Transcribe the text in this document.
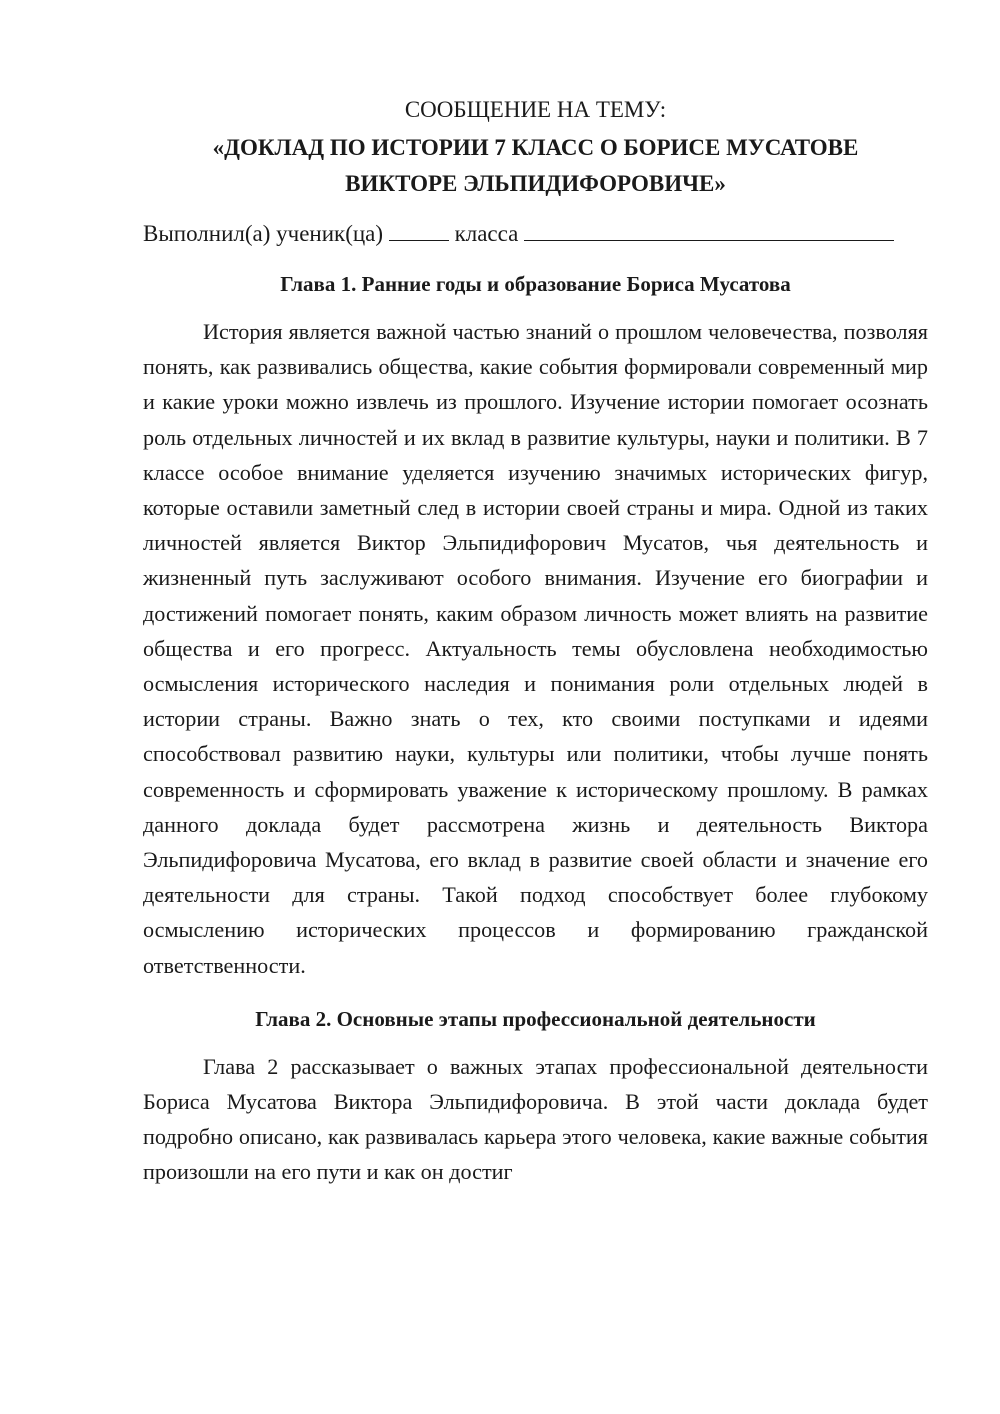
СООБЩЕНИЕ НА ТЕМУ:

«ДОКЛАД ПО ИСТОРИИ 7 КЛАСС О БОРИСЕ МУСАТОВЕ
ВИКТОРЕ ЭЛЬПИДИФОРОВИЧЕ»

Выполнил(а) ученик(ца)	класса

Глава 1. Ранние годы и образование Бориса Мусатова

История является важной частью знаний о прошлом человечества, позволяя понять, как развивались общества, какие события формировали современный мир и какие уроки можно извлечь из прошлого. Изучение истории помогает осознать роль отдельных личностей и их вклад в развитие культуры, науки и политики. В 7 классе особое внимание уделяется изучению значимых исторических фигур, которые оставили заметный след в истории своей страны и мира. Одной из таких личностей является Виктор Эльпидифорович Мусатов, чья деятельность и жизненный путь заслуживают особого внимания. Изучение его биографии и достижений помогает понять, каким образом личность может влиять на развитие общества и его прогресс. Актуальность темы обусловлена необходимостью осмысления исторического наследия и понимания роли отдельных людей в истории страны. Важно знать о тех, кто своими поступками и идеями способствовал развитию науки, культуры или политики, чтобы лучше понять современность и сформировать уважение к историческому прошлому. В рамках данного доклада будет рассмотрена жизнь и деятельность Виктора Эльпидифоровича Мусатова, его вклад в развитие своей области и значение его деятельности для страны. Такой подход способствует более глубокому осмыслению исторических процессов и формированию гражданской ответственности.

Глава 2. Основные этапы профессиональной деятельности

Глава 2 рассказывает о важных этапах профессиональной деятельности Бориса Мусатова Виктора Эльпидифоровича. В этой части доклада будет подробно описано, как развивалась карьера этого человека, какие важные события произошли на его пути и как он достиг
